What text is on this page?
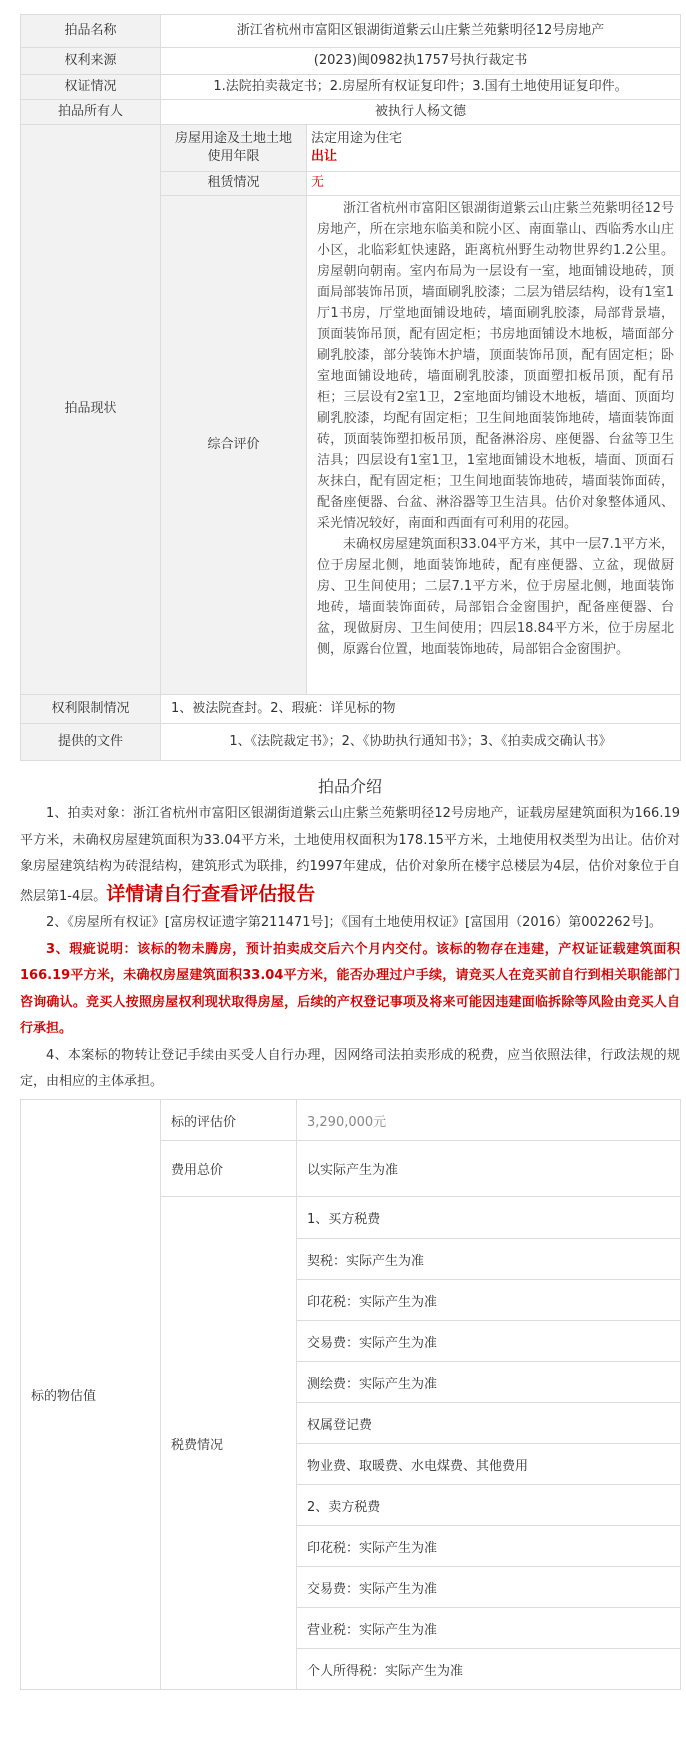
拍品名称	浙江省杭州市富阳区银湖街道紫云山庄紫兰苑紫明径12号房地产	
权利来源	(2023)闽0982执1757号执行裁定书	
权证情况	1.法院拍卖裁定书；2.房屋所有权证复印件；3.国有土地使用证复印件。	
拍品所有人	被执行人杨文德	
拍品现状	房屋用途及土地土地使用年限	法定用途为住宅
出让

	租赁情况	无
	综合评价	浙江省杭州市富阳区银湖街道紫云山庄紫兰苑紫明径12号房地产，所在宗地东临美和院小区、南面靠山、西临秀水山庄小区，北临彩虹快速路，距离杭州野生动物世界约1.2公里。房屋朝向朝南。室内布局为一层设有一室，地面铺设地砖，顶面局部装饰吊顶，墙面刷乳胶漆；二层为错层结构，设有1室1厅1书房，厅堂地面铺设地砖，墙面刷乳胶漆，局部背景墙，顶面装饰吊顶，配有固定柜；书房地面铺设木地板，墙面部分刷乳胶漆，部分装饰木护墙，顶面装饰吊顶，配有固定柜；卧室地面铺设地砖，墙面刷乳胶漆，顶面塑扣板吊顶，配有吊柜；三层设有2室1卫，2室地面均铺设木地板，墙面、顶面均刷乳胶漆，均配有固定柜；卫生间地面装饰地砖，墙面装饰面砖，顶面装饰塑扣板吊顶，配备淋浴房、座便器、台盆等卫生洁具；四层设有1室1卫，1室地面铺设木地板，墙面、顶面石灰抹白，配有固定柜；卫生间地面装饰地砖，墙面装饰面砖，配备座便器、台盆、淋浴器等卫生洁具。估价对象整体通风、采光情况较好，南面和西面有可利用的花园。

未确权房屋建筑面积33.04平方米，其中一层7.1平方米，位于房屋北侧，地面装饰地砖，配有座便器、立盆，现做厨房、卫生间使用；二层7.1平方米，位于房屋北侧，地面装饰地砖，墙面装饰面砖，局部铝合金窗围护，配备座便器、台盆，现做厨房、卫生间使用；四层18.84平方米，位于房屋北侧，原露台位置，地面装饰地砖，局部铝合金窗围护。

权利限制情况	1、被法院查封。2、瑕疵：详见标的物	
提供的文件	1、《法院裁定书》；2、《协助执行通知书》；3、《拍卖成交确认书》	
拍品介绍

1、拍卖对象：浙江省杭州市富阳区银湖街道紫云山庄紫兰苑紫明径12号房地产，证载房屋建筑面积为166.19平方米，未确权房屋建筑面积为33.04平方米，土地使用权面积为178.15平方米，土地使用权类型为出让。估价对象房屋建筑结构为砖混结构，建筑形式为联排，约1997年建成，估价对象所在楼宇总楼层为4层，估价对象位于自然层第1-4层。详情请自行查看评估报告

2、《房屋所有权证》[富房权证遗字第211471号]；《国有土地使用权证》[富国用（2016）第002262号]。

3、瑕疵说明：该标的物未腾房，预计拍卖成交后六个月内交付。该标的物存在违建，产权证证载建筑面积166.19平方米，未确权房屋建筑面积33.04平方米，能否办理过户手续，请竞买人在竞买前自行到相关职能部门咨询确认。竞买人按照房屋权利现状取得房屋，后续的产权登记事项及将来可能因违建面临拆除等风险由竞买人自行承担。

4、本案标的物转让登记手续由买受人自行办理，因网络司法拍卖形成的税费，应当依照法律，行政法规的规定，由相应的主体承担。

标的物估值	标的评估价	3,290,000元
	费用总价	以实际产生为准
	税费情况	1、买方税费
		契税：实际产生为准
		印花税：实际产生为准
		交易费：实际产生为准
		测绘费：实际产生为准
		权属登记费
		物业费、取暖费、水电煤费、其他费用
		2、卖方税费
		印花税：实际产生为准
		交易费：实际产生为准
		营业税：实际产生为准
		个人所得税：实际产生为准
